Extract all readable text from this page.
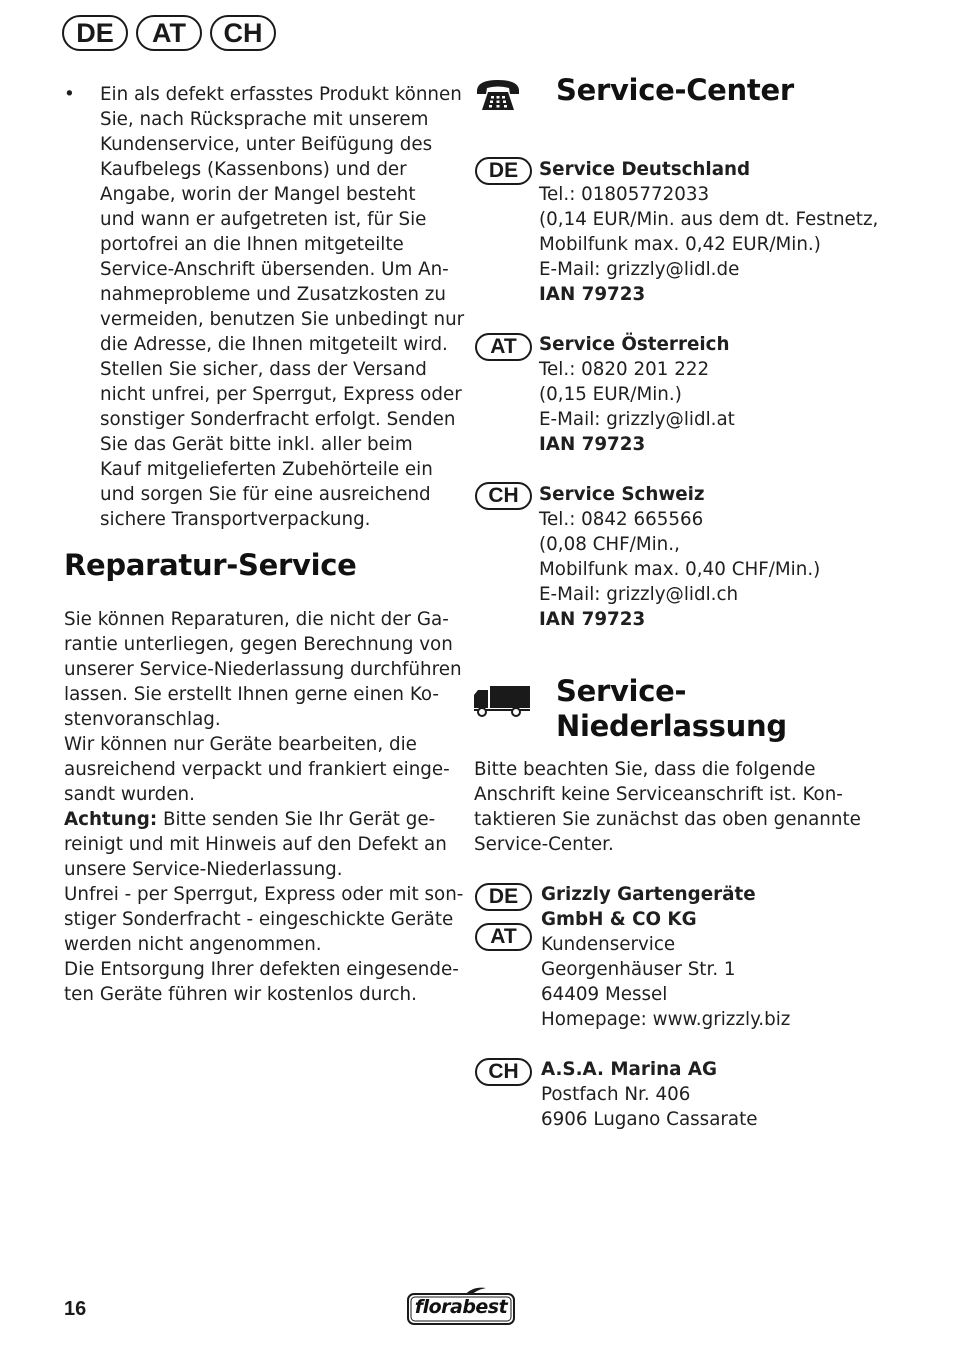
DE	AT	CH
•	Ein als defekt erfasstes Produkt können
Sie, nach Rücksprache mit unserem
Kundenservice, unter Beifügung des
Kaufbelegs (Kassenbons) und der
Angabe, worin der Mangel besteht
und wann er aufgetreten ist, für Sie
portofrei an die Ihnen mitgeteilte
Service-Anschrift übersenden. Um An-
nahmeprobleme und Zusatzkosten zu
vermeiden, benutzen Sie unbedingt nur
die Adresse, die Ihnen mitgeteilt wird.
Stellen Sie sicher, dass der Versand
nicht unfrei, per Sperrgut, Express oder
sonstiger Sonderfracht erfolgt. Senden
Sie das Gerät bitte inkl. aller beim
Kauf mitgelieferten Zubehörteile ein
und sorgen Sie für eine ausreichend
sichere Transportverpackung.
Reparatur-Service
Sie können Reparaturen, die nicht der Ga-
rantie unterliegen, gegen Berechnung von
unserer Service-Niederlassung durchführen
lassen. Sie erstellt Ihnen gerne einen Ko-
stenvoranschlag.
Wir können nur Geräte bearbeiten, die
ausreichend verpackt und frankiert einge-
sandt wurden.
Achtung: Bitte senden Sie Ihr Gerät ge-
reinigt und mit Hinweis auf den Defekt an
unsere Service-Niederlassung.
Unfrei - per Sperrgut, Express oder mit son-
stiger Sonderfracht - eingeschickte Geräte
werden nicht angenommen.
Die Entsorgung Ihrer defekten eingesende-
ten Geräte führen wir kostenlos durch.
Service-Center
DE	Service Deutschland
Tel.: 01805772033
(0,14 EUR/Min. aus dem dt. Festnetz,
Mobilfunk max. 0,42 EUR/Min.)
E-Mail: grizzly@lidl.de
IAN 79723
AT	Service Österreich
Tel.: 0820 201 222
(0,15 EUR/Min.)
E-Mail: grizzly@lidl.at
IAN 79723
CH	Service Schweiz
Tel.: 0842 665566
(0,08 CHF/Min.,
Mobilfunk max. 0,40 CHF/Min.)
E-Mail: grizzly@lidl.ch
IAN 79723
Service-
Niederlassung
Bitte beachten Sie, dass die folgende
Anschrift keine Serviceanschrift ist. Kon-
taktieren Sie zunächst das oben genannte
Service-Center.
DE
AT
Grizzly Gartengeräte
GmbH & CO KG
Kundenservice
Georgenhäuser Str. 1
64409 Messel
Homepage: www.grizzly.biz
CH	A.S.A. Marina AG
Postfach Nr. 406
6906 Lugano Cassarate
16	florabest
